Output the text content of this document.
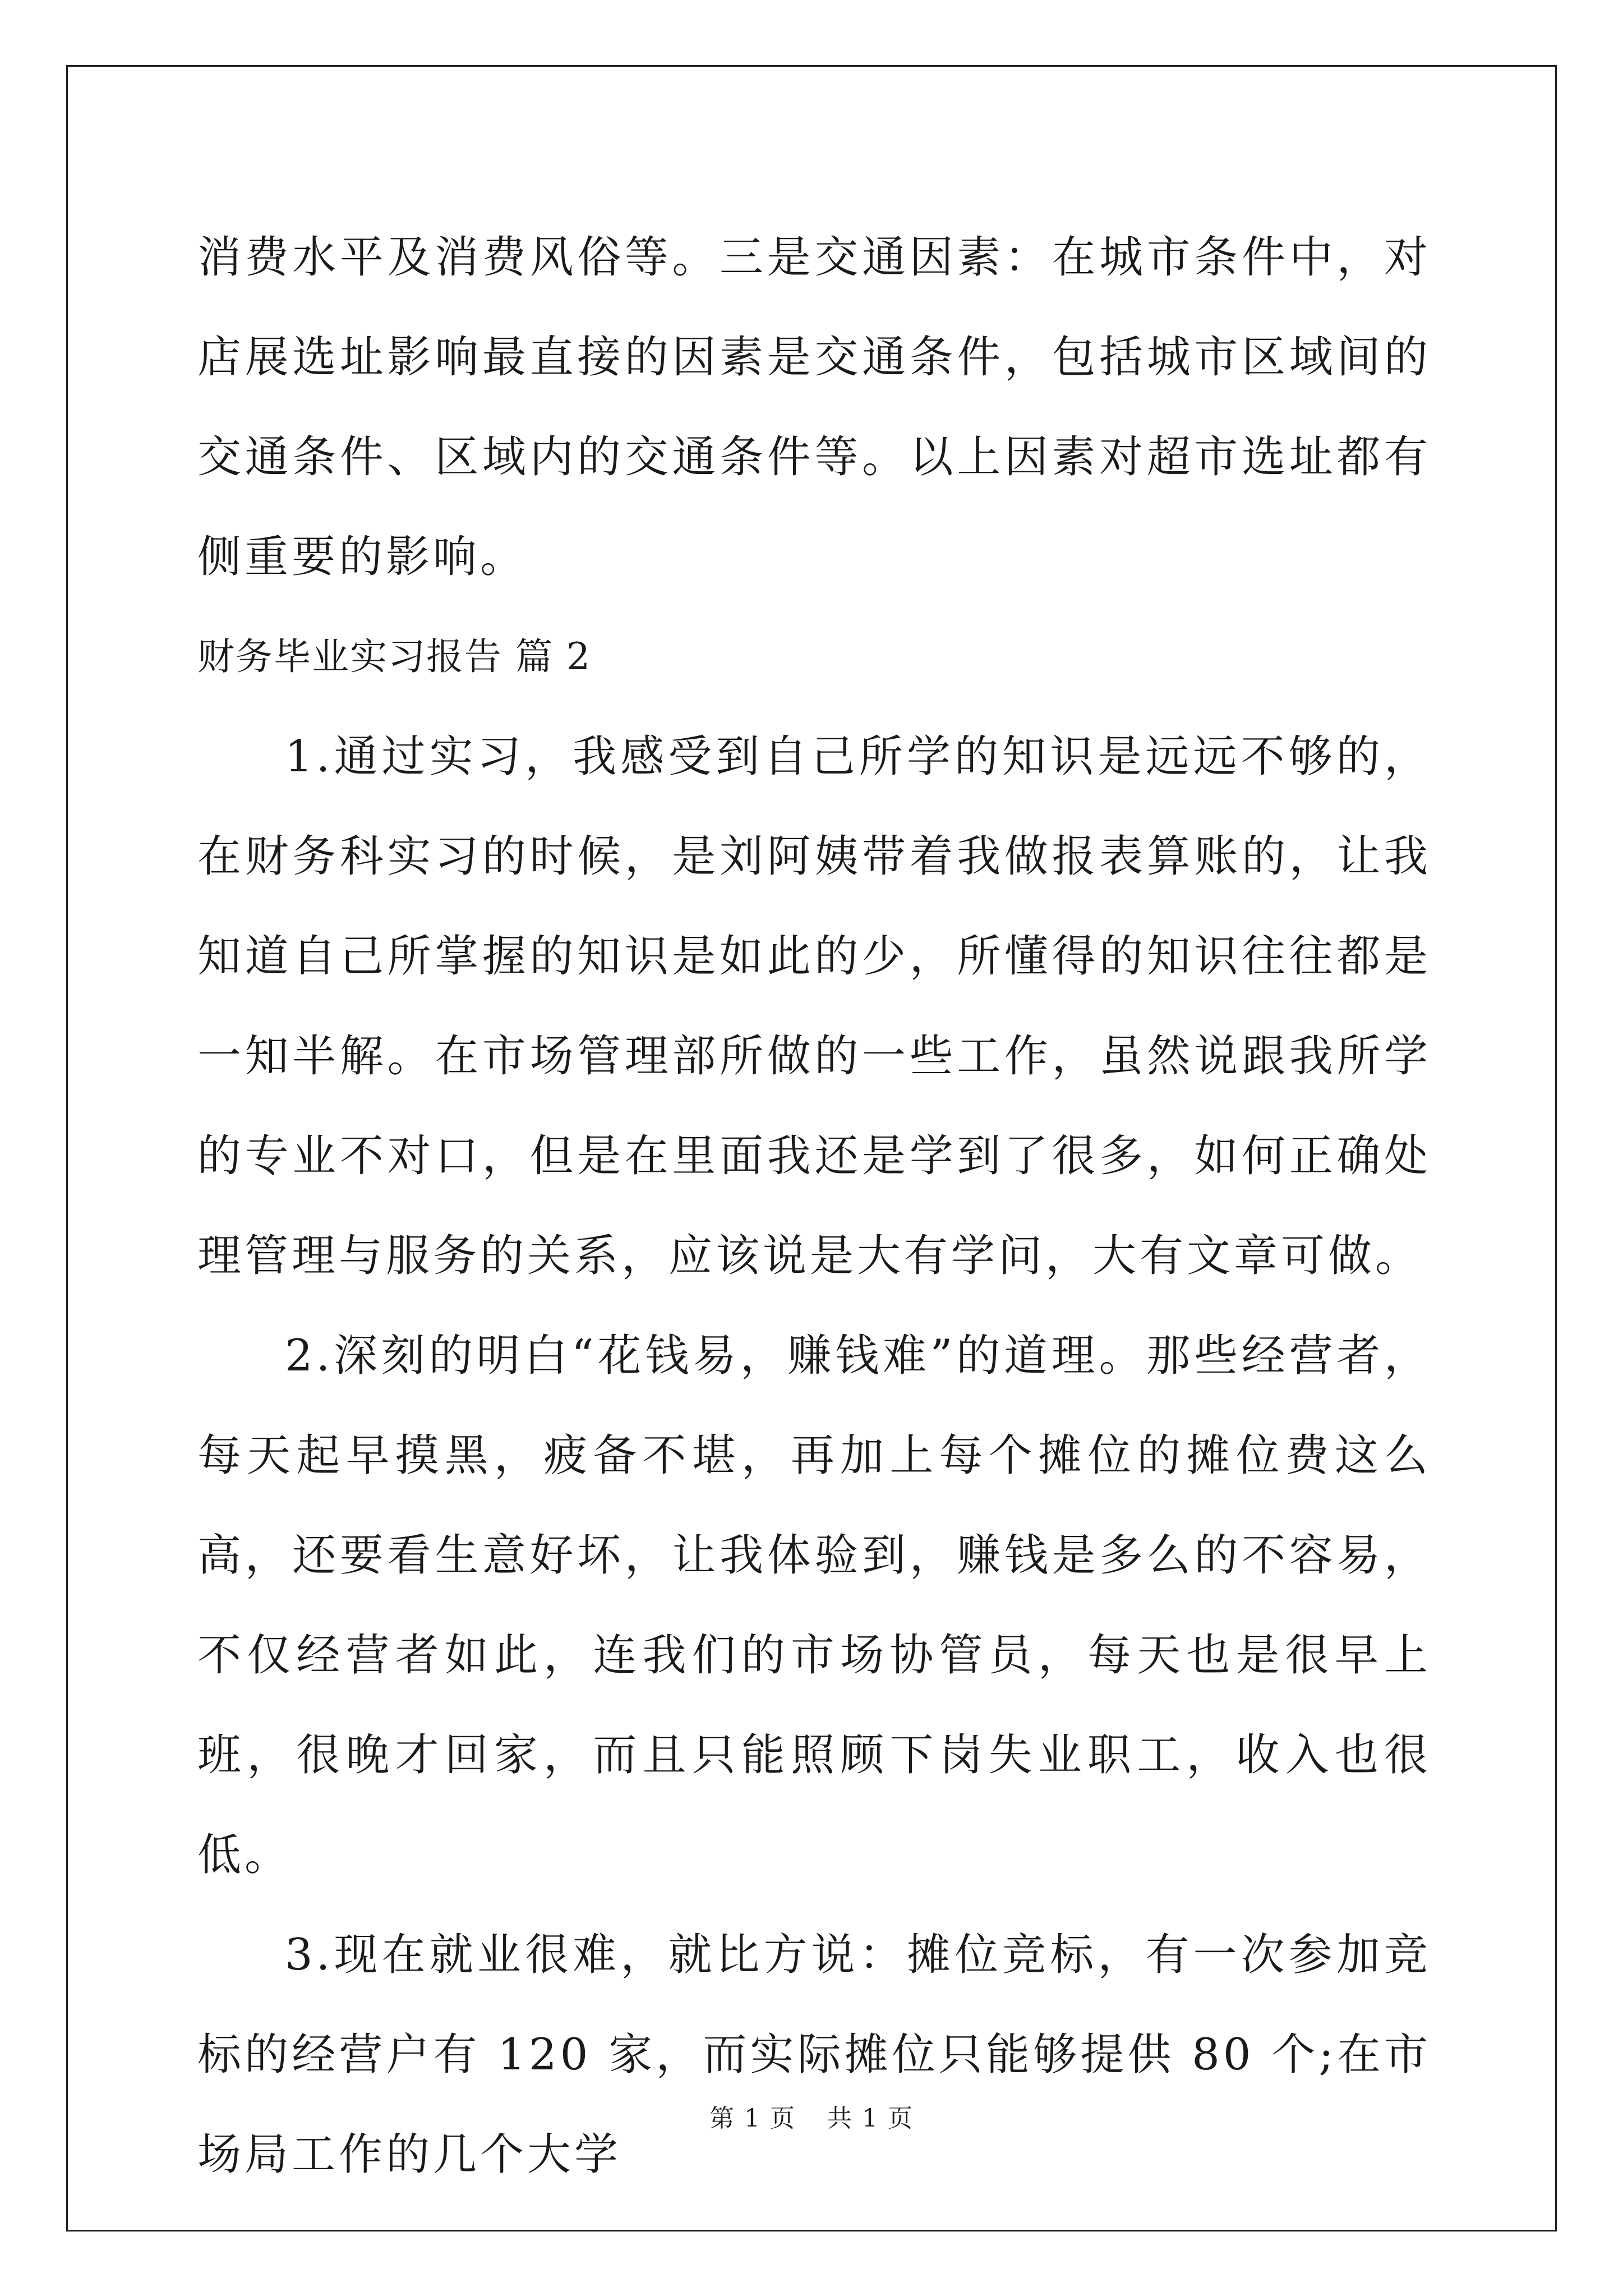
消费水平及消费风俗等。三是交通因素：在城市条件中，对店展选址影响最直接的因素是交通条件，包括城市区域间的交通条件、区域内的交通条件等。以上因素对超市选址都有侧重要的影响。

财务毕业实习报告 篇 2

1.通过实习，我感受到自己所学的知识是远远不够的，在财务科实习的时候，是刘阿姨带着我做报表算账的，让我知道自己所掌握的知识是如此的少，所懂得的知识往往都是一知半解。在市场管理部所做的一些工作，虽然说跟我所学的专业不对口，但是在里面我还是学到了很多，如何正确处理管理与服务的关系，应该说是大有学问，大有文章可做。

2.深刻的明白“花钱易，赚钱难”的道理。那些经营者，每天起早摸黑，疲备不堪，再加上每个摊位的摊位费这么高，还要看生意好坏，让我体验到，赚钱是多么的不容易，不仅经营者如此，连我们的市场协管员，每天也是很早上班，很晚才回家，而且只能照顾下岗失业职工，收入也很低。

3.现在就业很难，就比方说：摊位竞标，有一次参加竞标的经营户有 120 家，而实际摊位只能够提供 80 个;在市场局工作的几个大学

第 1 页 共 1 页
